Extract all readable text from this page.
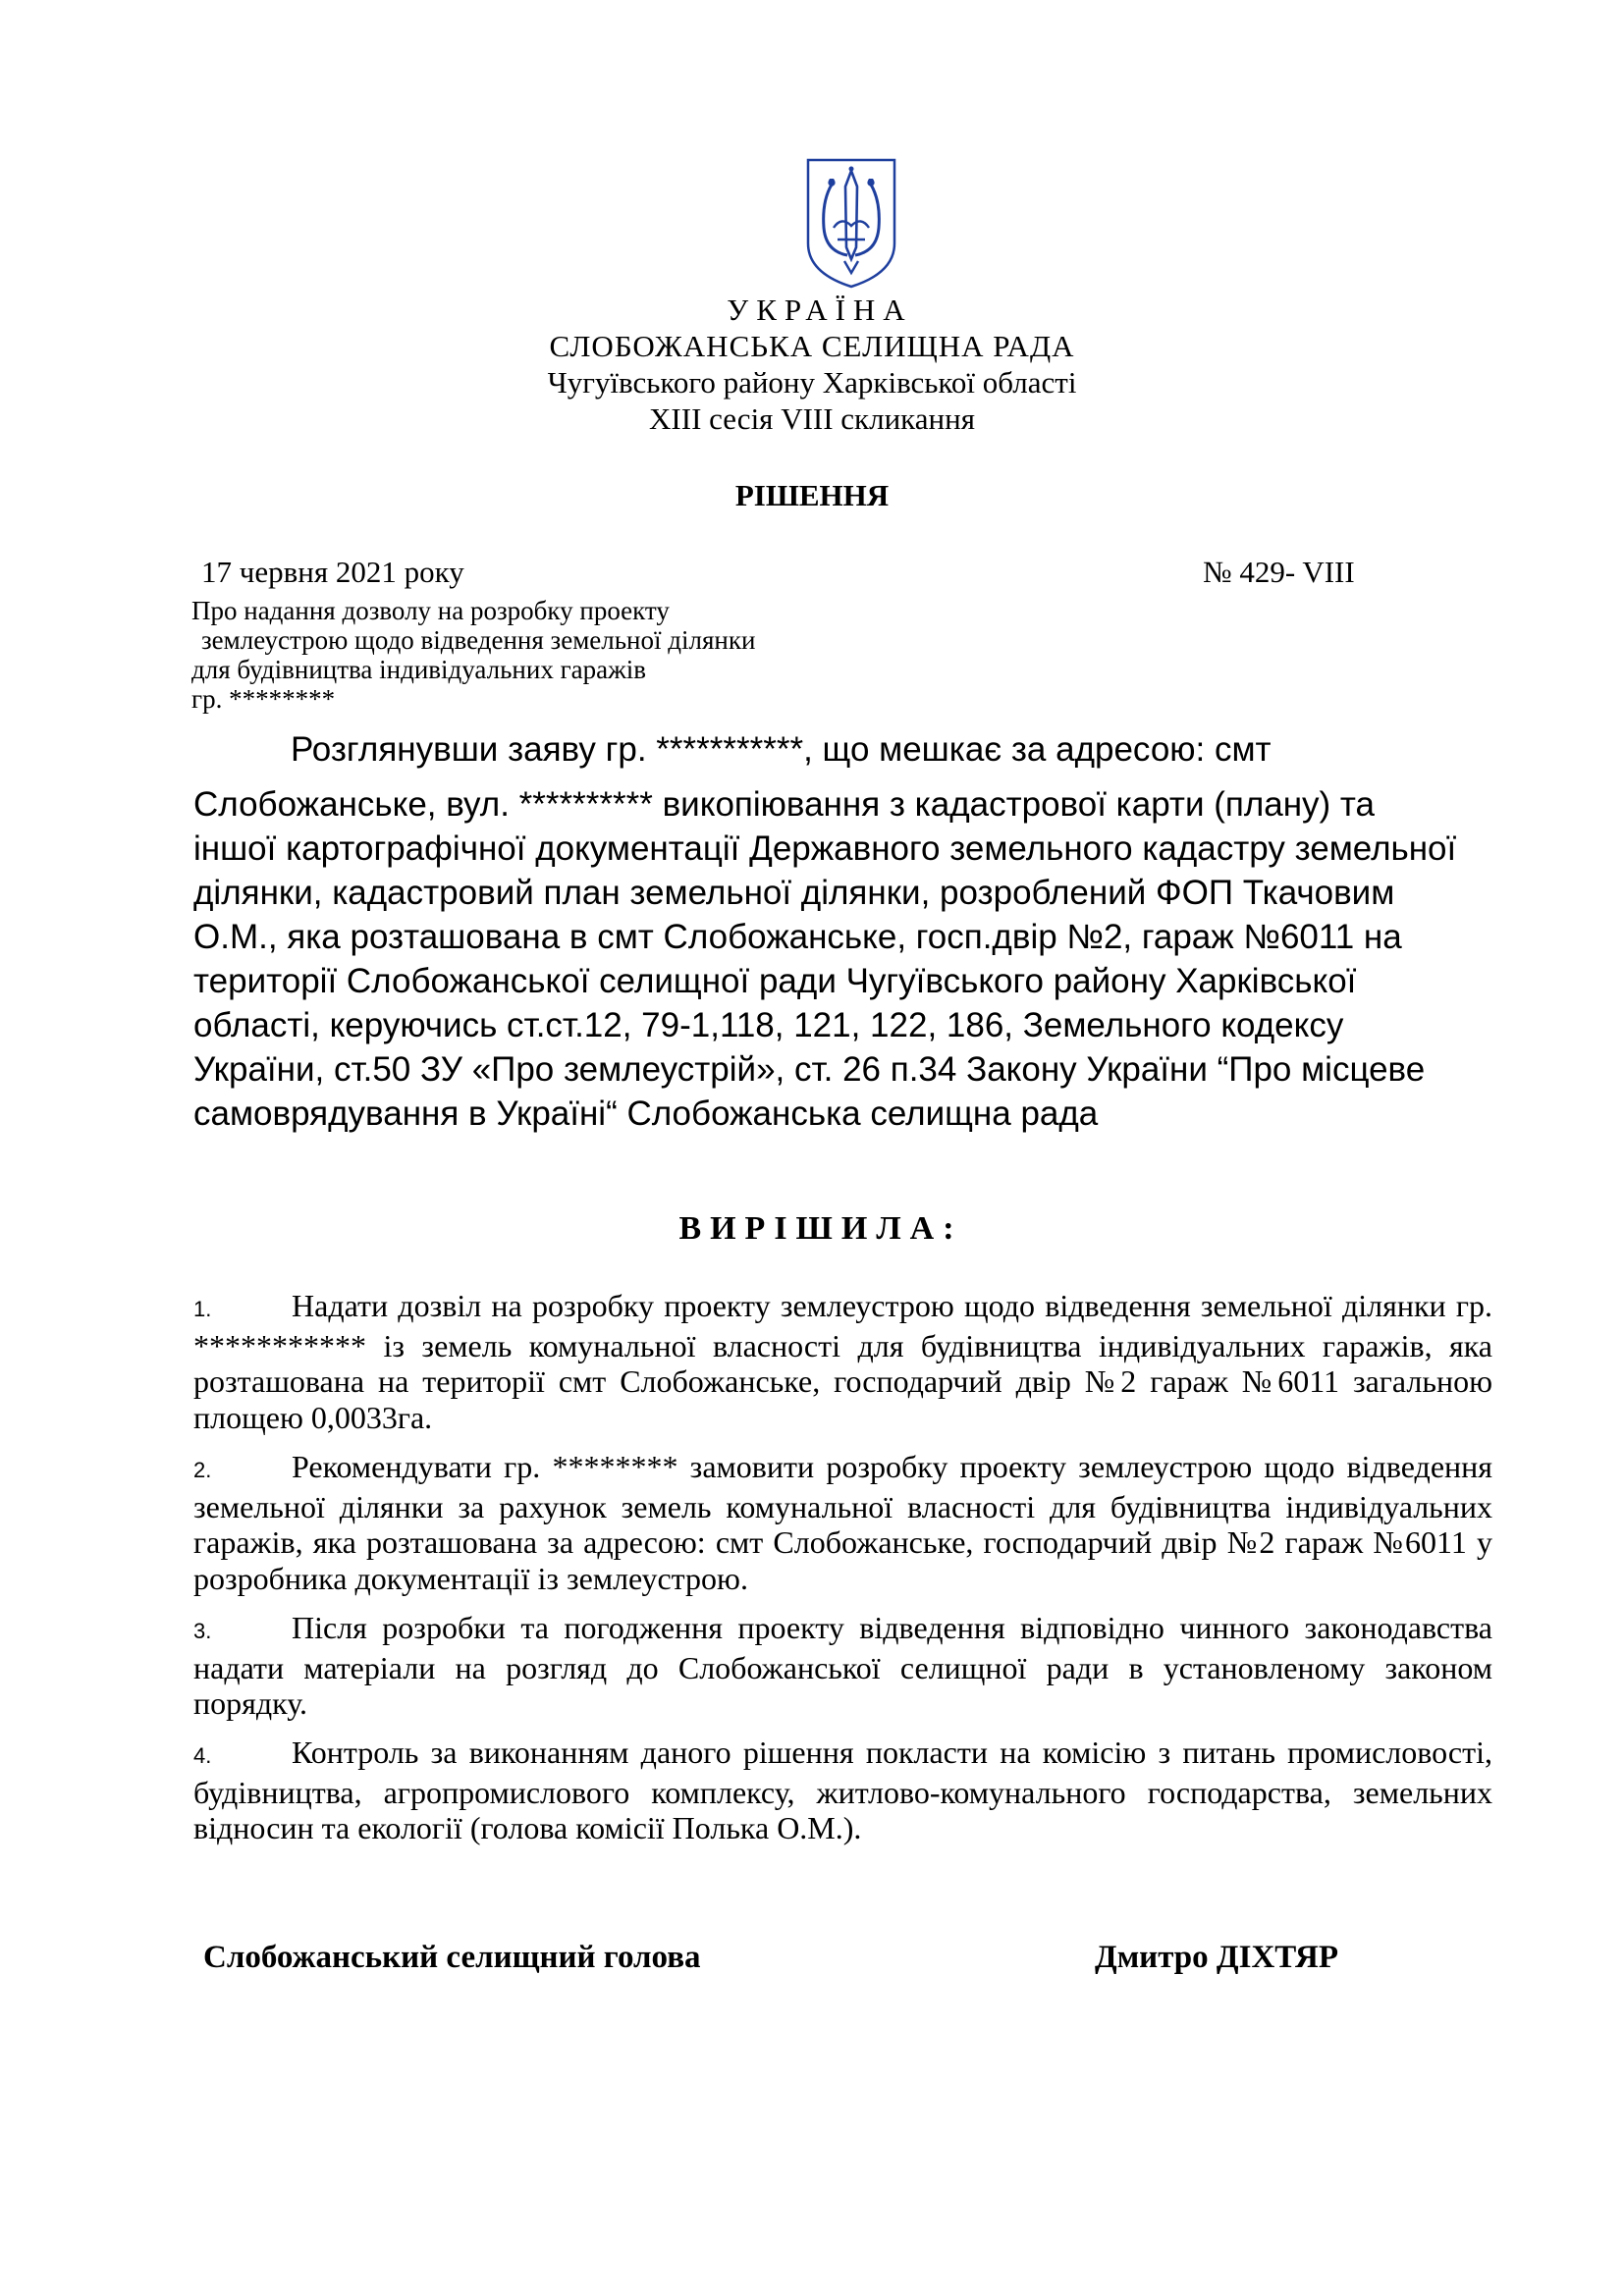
УКРАЇНА
СЛОБОЖАНСЬКА СЕЛИЩНА РАДА
Чугуївського району Харківської області
XIII сесія VIII скликання
РІШЕННЯ
17 червня 2021 року	№ 429- VIII
Про надання дозволу на розробку проекту
землеустрою щодо відведення земельної ділянки
для будівництва індивідуальних гаражів
гр. ********
Розглянувши заяву гр. ***********, що мешкає за адресою: смт
Слобожанське, вул. ********** викопіювання з кадастрової карти (плану) та
іншої картографічної документації Державного земельного кадастру земельної
ділянки, кадастровий план земельної ділянки, розроблений ФОП Ткачовим
О.М., яка розташована в смт Слобожанське, госп.двір №2, гараж №6011 на
території Слобожанської селищної ради Чугуївського району Харківської
області, керуючись ст.ст.12, 79-1,118, 121, 122, 186, Земельного кодексу
України, ст.50 ЗУ «Про землеустрій», ст. 26 п.34 Закону України “Про місцеве
самоврядування в Україні“ Слобожанська селищна рада
ВИРІШИЛА:
1.	Надати дозвіл на розробку проекту землеустрою щодо відведення земельної ділянки гр. *********** із земель комунальної власності для будівництва індивідуальних гаражів, яка розташована на території смт Слобожанське, господарчий двір №2 гараж №6011 загальною площею 0,0033га.
2.	Рекомендувати гр. ******** замовити розробку проекту землеустрою щодо відведення земельної ділянки за рахунок земель комунальної власності для будівництва індивідуальних гаражів, яка розташована за адресою: смт Слобожанське, господарчий двір №2 гараж №6011 у розробника документації із землеустрою.
3.	Після розробки та погодження проекту відведення відповідно чинного законодавства надати матеріали на розгляд до Слобожанської селищної ради в установленому законом порядку.
4.	Контроль за виконанням даного рішення покласти на комісію з питань промисловості, будівництва, агропромислового комплексу, житлово-комунального господарства, земельних відносин та екології (голова комісії Полька О.М.).
Слобожанський селищний голова	Дмитро ДІХТЯР
